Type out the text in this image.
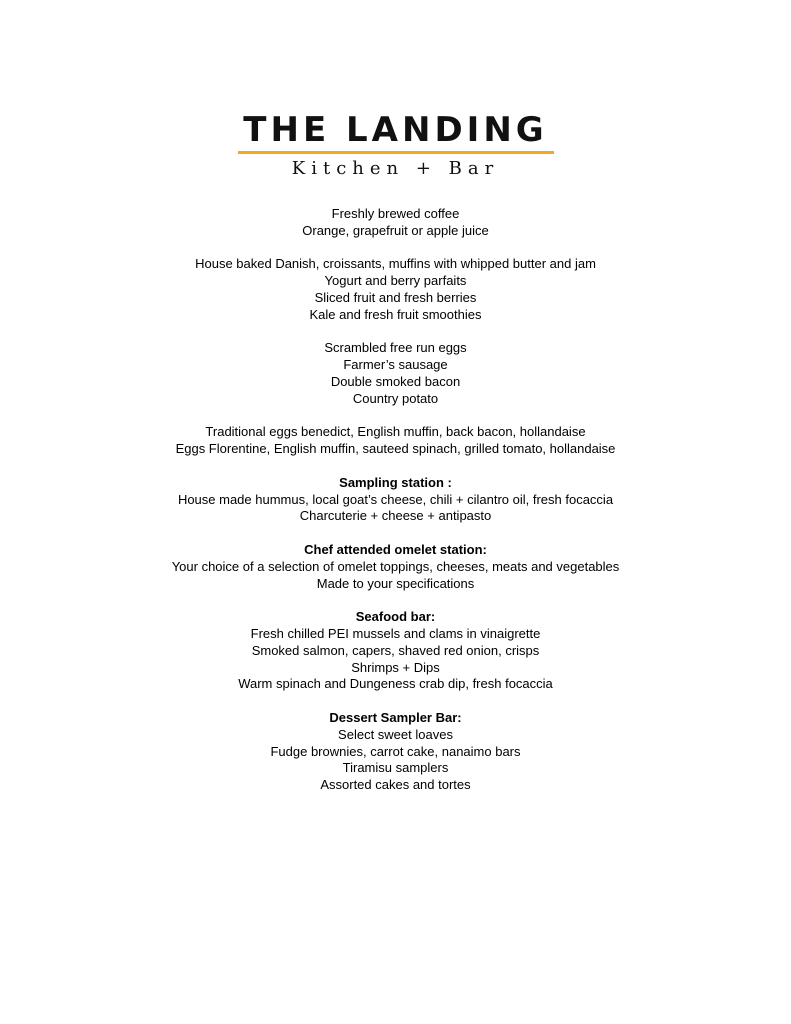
THE LANDING
Kitchen + Bar
Freshly brewed coffee
Orange, grapefruit or apple juice
House baked Danish, croissants, muffins with whipped butter and jam
Yogurt and berry parfaits
Sliced fruit and fresh berries
Kale and fresh fruit smoothies
Scrambled free run eggs
Farmer’s sausage
Double smoked bacon
Country potato
Traditional eggs benedict, English muffin, back bacon, hollandaise
Eggs Florentine, English muffin, sauteed spinach, grilled tomato, hollandaise
Sampling station :
House made hummus, local goat’s cheese, chili + cilantro oil, fresh focaccia
Charcuterie + cheese + antipasto
Chef attended omelet station:
Your choice of a selection of omelet toppings, cheeses, meats and vegetables
Made to your specifications
Seafood bar:
Fresh chilled PEI mussels and clams in vinaigrette
Smoked salmon, capers, shaved red onion, crisps
Shrimps + Dips
Warm spinach and Dungeness crab dip, fresh focaccia
Dessert Sampler Bar:
Select sweet loaves
Fudge brownies, carrot cake, nanaimo bars
Tiramisu samplers
Assorted cakes and tortes
